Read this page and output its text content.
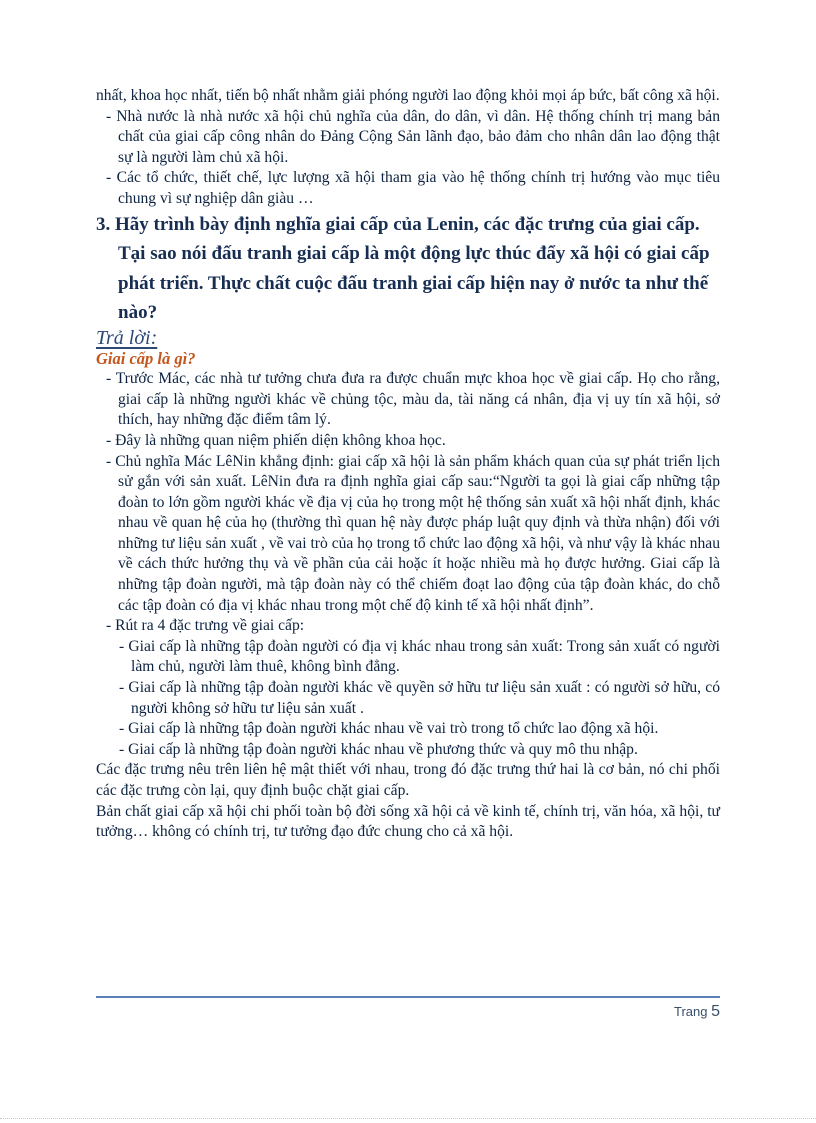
nhất, khoa học nhất, tiến bộ nhất nhằm giải phóng người lao động khỏi mọi áp bức, bất công xã hội.

- Nhà nước là nhà nước xã hội chủ nghĩa của dân, do dân, vì dân. Hệ thống chính trị mang bản chất của giai cấp công nhân do Đảng Cộng Sản lãnh đạo, bảo đảm cho nhân dân lao động thật sự là người làm chủ xã hội.

- Các tổ chức, thiết chế, lực lượng xã hội tham gia vào hệ thống chính trị hướng vào mục tiêu chung vì sự nghiệp dân giàu …

3. Hãy trình bày định nghĩa giai cấp của Lenin, các đặc trưng của giai cấp. Tại sao nói đấu tranh giai cấp là một động lực thúc đẩy xã hội có giai cấp phát triển. Thực chất cuộc đấu tranh giai cấp hiện nay ở nước ta như thế nào?

Trả lời:

Giai cấp là gì?

- Trước Mác, các nhà tư tưởng chưa đưa ra được chuẩn mực khoa học về giai cấp. Họ cho rằng, giai cấp là những người khác về chủng tộc, màu da, tài năng cá nhân, địa vị uy tín xã hội, sở thích, hay những đặc điểm tâm lý.

- Đây là những quan niệm phiến diện không khoa học.

- Chủ nghĩa Mác LêNin khẳng định: giai cấp xã hội là sản phẩm khách quan của sự phát triển lịch sử gắn với sản xuất. LêNin đưa ra định nghĩa giai cấp sau:“Người ta gọi là giai cấp những tập đoàn to lớn gồm người khác về địa vị của họ trong một hệ thống sản xuất xã hội nhất định, khác nhau về quan hệ của họ (thường thì quan hệ này được pháp luật quy định và thừa nhận) đối với những tư liệu sản xuất , về vai trò của họ trong tổ chức lao động xã hội, và như vậy là khác nhau về cách thức hưởng thụ và về phần của cải hoặc ít hoặc nhiều mà họ được hưởng. Giai cấp là những tập đoàn người, mà tập đoàn này có thể chiếm đoạt lao động của tập đoàn khác, do chỗ các tập đoàn có địa vị khác nhau trong một chế độ kinh tế xã hội nhất định”.

- Rút ra 4 đặc trưng về giai cấp:

- Giai cấp là những tập đoàn người có địa vị khác nhau trong sản xuất: Trong sản xuất có người làm chủ, người làm thuê, không bình đẳng.

- Giai cấp là những tập đoàn người khác về quyền sở hữu tư liệu sản xuất : có người sở hữu, có người không sở hữu tư liệu sản xuất .

- Giai cấp là những tập đoàn người khác nhau về vai trò trong tổ chức lao động xã hội.

- Giai cấp là những tập đoàn người khác nhau về phương thức và quy mô thu nhập.

Các đặc trưng nêu trên liên hệ mật thiết với nhau, trong đó đặc trưng thứ hai là cơ bản, nó chi phối các đặc trưng còn lại, quy định buộc chặt giai cấp.

Bản chất giai cấp xã hội chi phối toàn bộ đời sống xã hội cả về kinh tế, chính trị, văn hóa, xã hội, tư tưởng… không có chính trị, tư tưởng đạo đức chung cho cả xã hội.

Trang 5
